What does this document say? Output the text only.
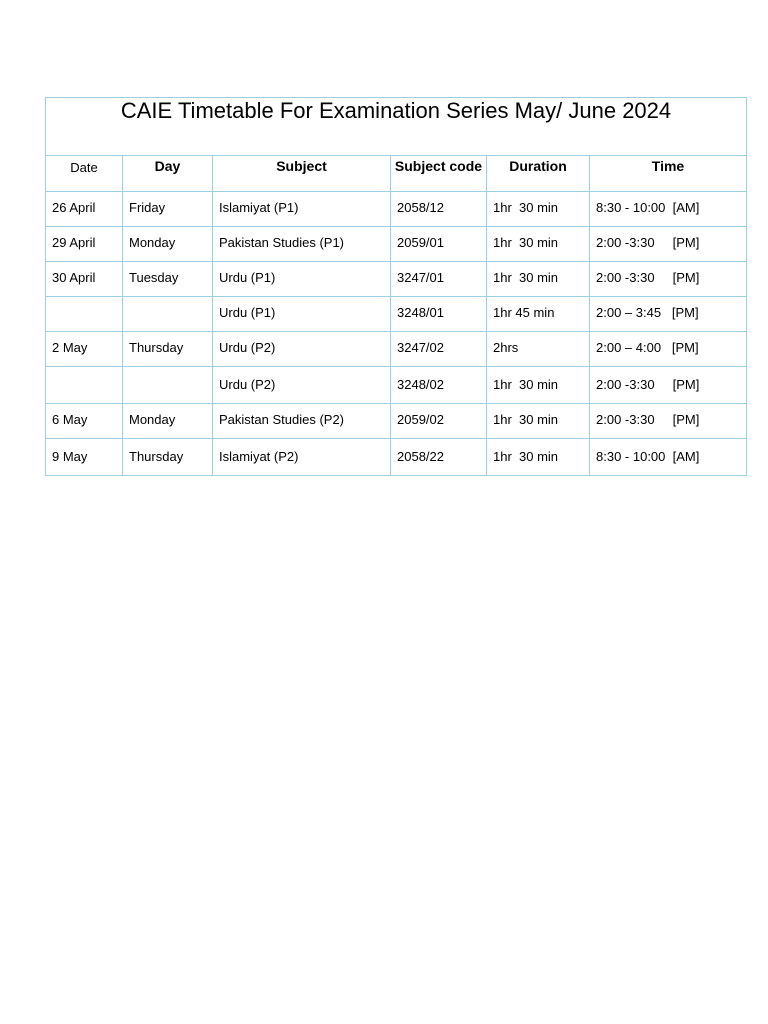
CAIE Timetable For Examination Series May/ June 2024					
Date	Day	Subject	Subject code	Duration	Time
26 April	Friday	Islamiyat (P1)	2058/12	1hr  30 min	8:30 - 10:00  [AM]
29 April	Monday	Pakistan Studies (P1)	2059/01	1hr  30 min	2:00 -3:30     [PM]
30 April	Tuesday	Urdu (P1)	3247/01	1hr  30 min	2:00 -3:30     [PM]
		Urdu (P1)	3248/01	1hr 45 min	2:00 – 3:45   [PM]
2 May	Thursday	Urdu (P2)	3247/02	2hrs	2:00 – 4:00   [PM]
		Urdu (P2)	3248/02	1hr  30 min	2:00 -3:30     [PM]
6 May	Monday	Pakistan Studies (P2)	2059/02	1hr  30 min	2:00 -3:30     [PM]
9 May	Thursday	Islamiyat (P2)	2058/22	1hr  30 min	8:30 - 10:00  [AM]
